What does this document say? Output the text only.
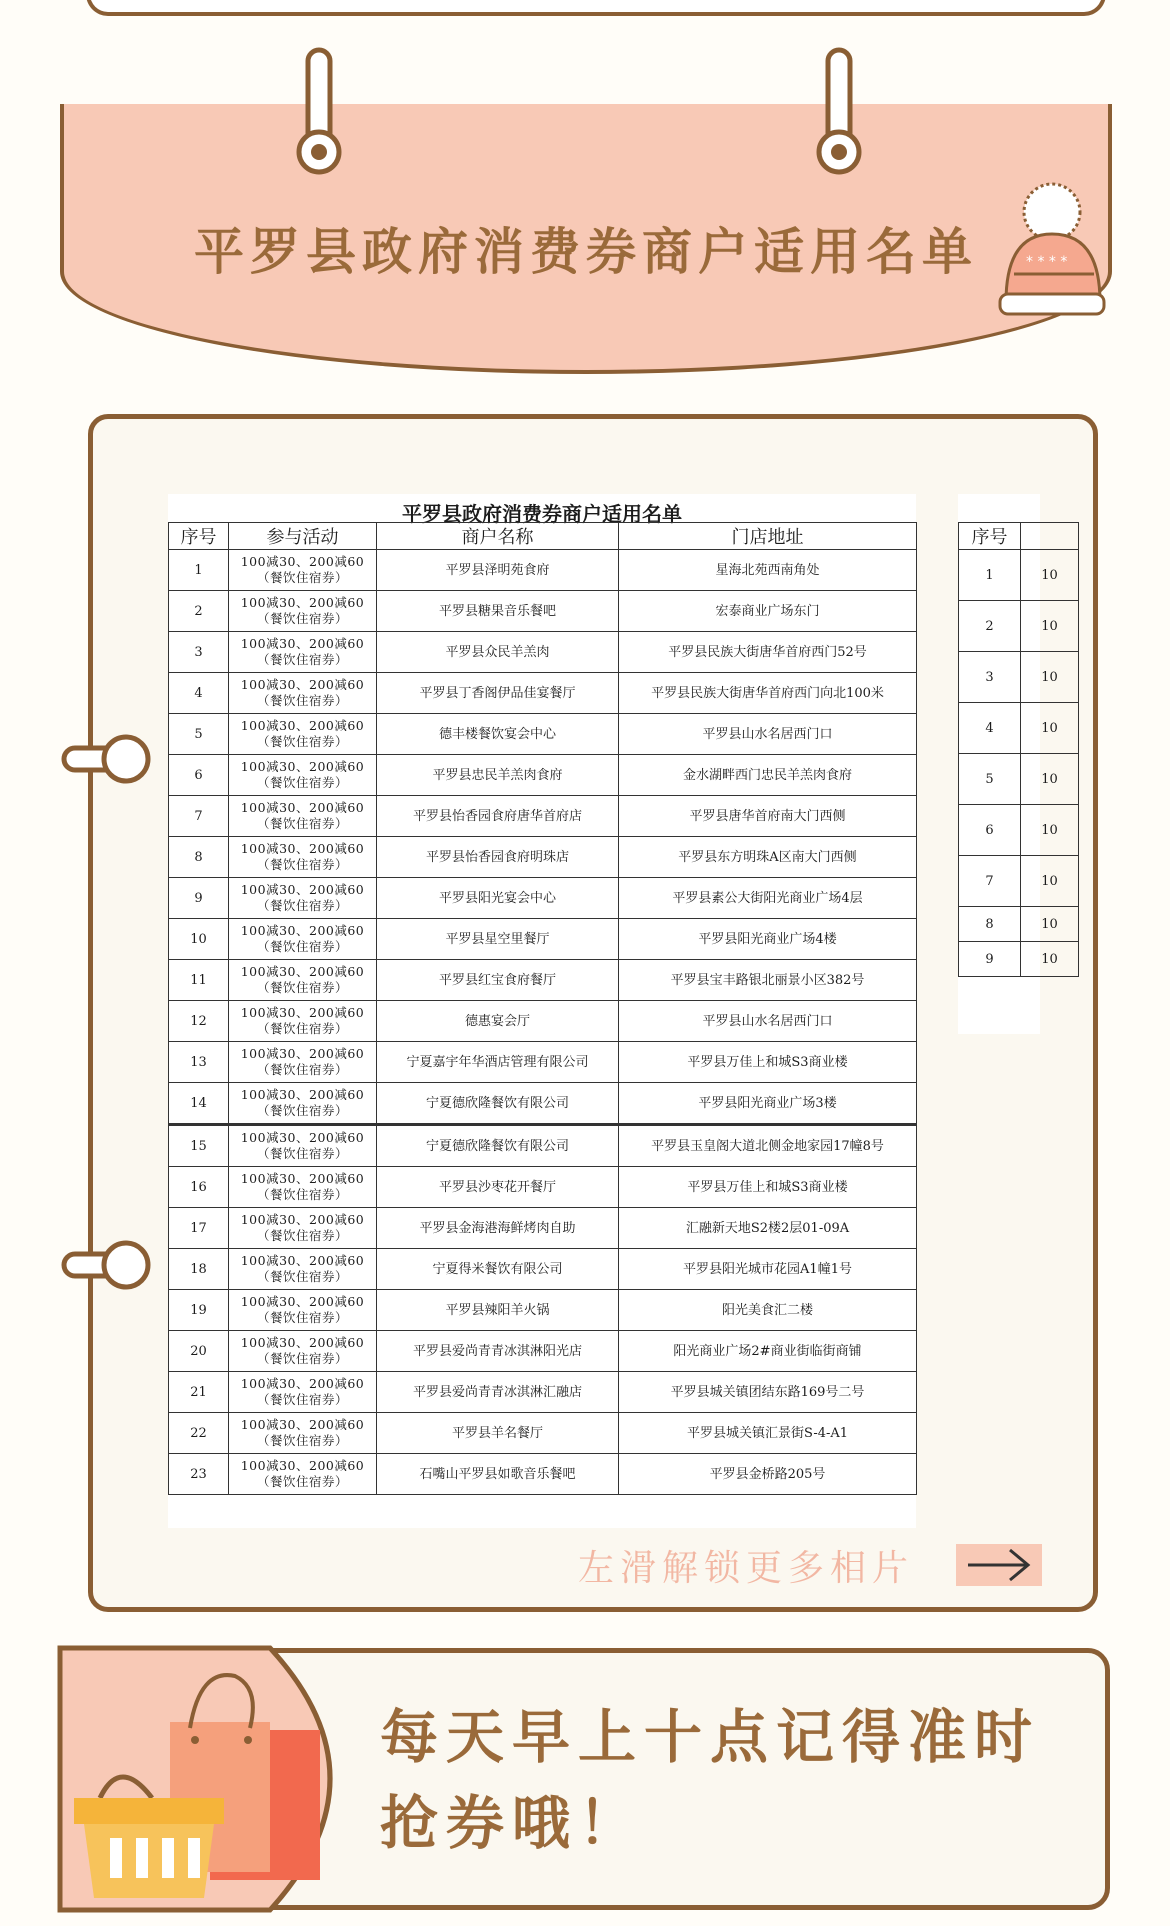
平罗县政府消费券商户适用名单	* * * *
平罗县政府消费券商户适用名单
序号	参与活动	商户名称	门店地址
1	100减30、200减60（餐饮住宿券）	平罗县泽明苑食府	星海北苑西南角处
2	100减30、200减60（餐饮住宿券）	平罗县糖果音乐餐吧	宏泰商业广场东门
3	100减30、200减60（餐饮住宿券）	平罗县众民羊羔肉	平罗县民族大街唐华首府西门52号
4	100减30、200减60（餐饮住宿券）	平罗县丁香阁伊品佳宴餐厅	平罗县民族大街唐华首府西门向北100米
5	100减30、200减60（餐饮住宿券）	德丰楼餐饮宴会中心	平罗县山水名居西门口
6	100减30、200减60（餐饮住宿券）	平罗县忠民羊羔肉食府	金水湖畔西门忠民羊羔肉食府
7	100减30、200减60（餐饮住宿券）	平罗县怡香园食府唐华首府店	平罗县唐华首府南大门西侧
8	100减30、200减60（餐饮住宿券）	平罗县怡香园食府明珠店	平罗县东方明珠A区南大门西侧
9	100减30、200减60（餐饮住宿券）	平罗县阳光宴会中心	平罗县素公大街阳光商业广场4层
10	100减30、200减60（餐饮住宿券）	平罗县星空里餐厅	平罗县阳光商业广场4楼
11	100减30、200减60（餐饮住宿券）	平罗县红宝食府餐厅	平罗县宝丰路银北丽景小区382号
12	100减30、200减60（餐饮住宿券）	德惠宴会厅	平罗县山水名居西门口
13	100减30、200减60（餐饮住宿券）	宁夏嘉宇年华酒店管理有限公司	平罗县万佳上和城S3商业楼
14	100减30、200减60（餐饮住宿券）	宁夏德欣隆餐饮有限公司	平罗县阳光商业广场3楼
15	100减30、200减60（餐饮住宿券）	宁夏德欣隆餐饮有限公司	平罗县玉皇阁大道北侧金地家园17幢8号
16	100减30、200减60（餐饮住宿券）	平罗县沙枣花开餐厅	平罗县万佳上和城S3商业楼
17	100减30、200减60（餐饮住宿券）	平罗县金海港海鲜烤肉自助	汇融新天地S2楼2层01-09A
18	100减30、200减60（餐饮住宿券）	宁夏得米餐饮有限公司	平罗县阳光城市花园A1幢1号
19	100减30、200减60（餐饮住宿券）	平罗县辣阳羊火锅	阳光美食汇二楼
20	100减30、200减60（餐饮住宿券）	平罗县爱尚青青冰淇淋阳光店	阳光商业广场2#商业街临街商铺
21	100减30、200减60（餐饮住宿券）	平罗县爱尚青青冰淇淋汇融店	平罗县城关镇团结东路169号二号
22	100减30、200减60（餐饮住宿券）	平罗县羊名餐厅	平罗县城关镇汇景街S-4-A1
23	100减30、200减60（餐饮住宿券）	石嘴山平罗县如歌音乐餐吧	平罗县金桥路205号
序号	
1	10
2	10
3	10
4	10
5	10
6	10
7	10
8	10
9	10
左滑解锁更多相片
每天早上十点记得准时抢券哦！
